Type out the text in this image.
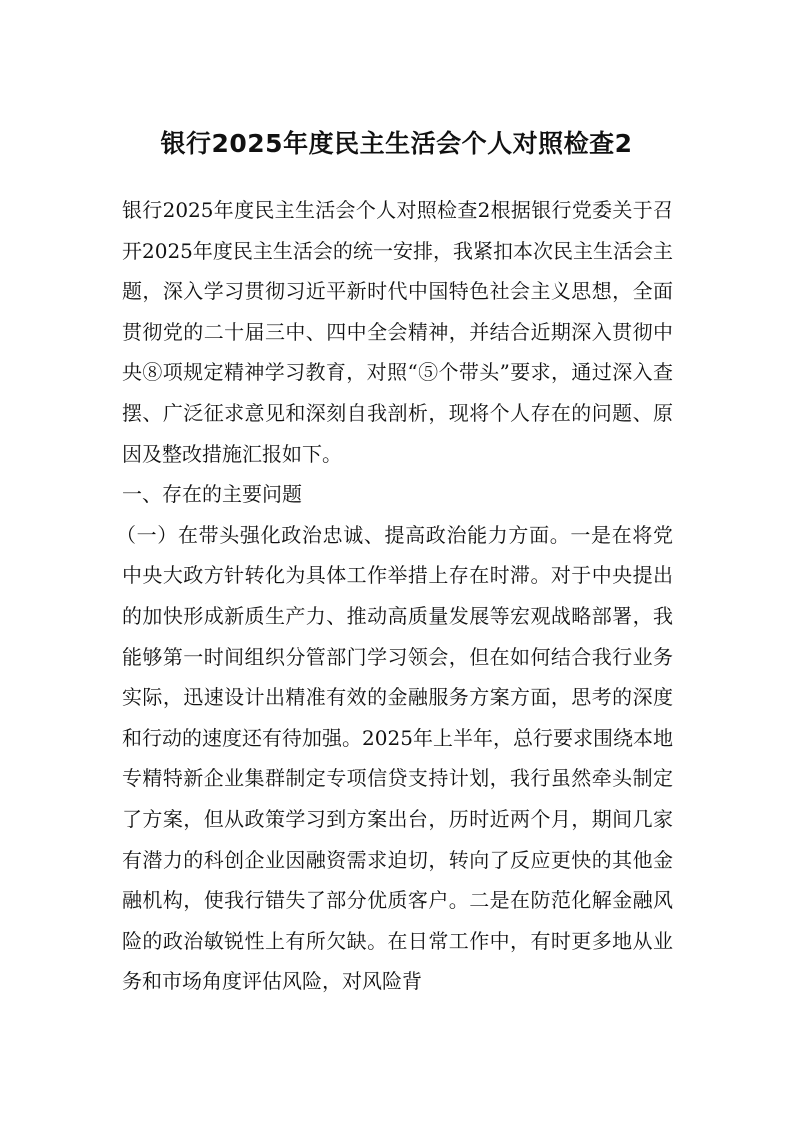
银行2025年度民主生活会个人对照检查2

银行2025年度民主生活会个人对照检查2根据银行党委关于召开2025年度民主生活会的统一安排，我紧扣本次民主生活会主题，深入学习贯彻习近平新时代中国特色社会主义思想，全面贯彻党的二十届三中、四中全会精神，并结合近期深入贯彻中央⑧项规定精神学习教育，对照“⑤个带头”要求，通过深入查摆、广泛征求意见和深刻自我剖析，现将个人存在的问题、原因及整改措施汇报如下。

一、存在的主要问题

（一）在带头强化政治忠诚、提高政治能力方面。一是在将党中央大政方针转化为具体工作举措上存在时滞。对于中央提出的加快形成新质生产力、推动高质量发展等宏观战略部署，我能够第一时间组织分管部门学习领会，但在如何结合我行业务实际，迅速设计出精准有效的金融服务方案方面，思考的深度和行动的速度还有待加强。2025年上半年，总行要求围绕本地专精特新企业集群制定专项信贷支持计划，我行虽然牵头制定了方案，但从政策学习到方案出台，历时近两个月，期间几家有潜力的科创企业因融资需求迫切，转向了反应更快的其他金融机构，使我行错失了部分优质客户。二是在防范化解金融风险的政治敏锐性上有所欠缺。在日常工作中，有时更多地从业务和市场角度评估风险，对风险背
